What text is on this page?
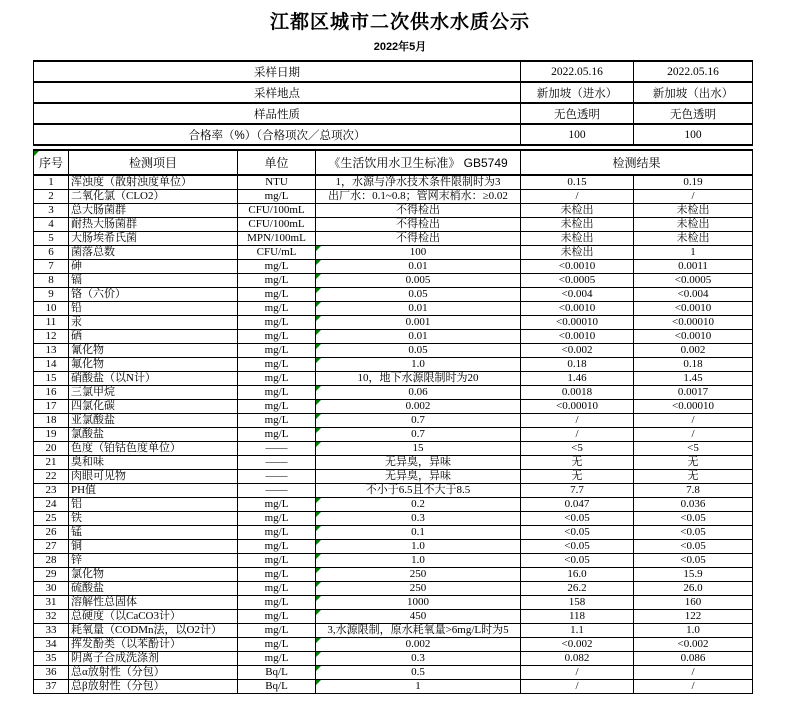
江都区城市二次供水水质公示
2022年5月
采样日期	2022.05.16	2022.05.16
采样地点	新加坡（进水）	新加坡（出水）
样品性质	无色透明	无色透明
合格率（%）（合格项次／总项次）	100	100
序号	检测项目	单位	《生活饮用水卫生标准》 GB5749	检测结果	
1	浑浊度（散射浊度单位）	NTU	1，水源与净水技术条件限制时为3	0.15	0.19
2	二氧化氯（CLO2）	mg/L	出厂水：0.1~0.8；管网末梢水：≥0.02	/	/
3	总大肠菌群	CFU/100mL	不得检出	未检出	未检出
4	耐热大肠菌群	CFU/100mL	不得检出	未检出	未检出
5	大肠埃希氏菌	MPN/100mL	不得检出	未检出	未检出
6	菌落总数	CFU/mL	100	未检出	1
7	砷	mg/L	0.01	<0.0010	0.0011
8	镉	mg/L	0.005	<0.0005	<0.0005
9	铬（六价）	mg/L	0.05	<0.004	<0.004
10	铅	mg/L	0.01	<0.0010	<0.0010
11	汞	mg/L	0.001	<0.00010	<0.00010
12	硒	mg/L	0.01	<0.0010	<0.0010
13	氰化物	mg/L	0.05	<0.002	0.002
14	氟化物	mg/L	1.0	0.18	0.18
15	硝酸盐（以N计）	mg/L	10，地下水源限制时为20	1.46	1.45
16	三氯甲烷	mg/L	0.06	0.0018	0.0017
17	四氯化碳	mg/L	0.002	<0.00010	<0.00010
18	亚氯酸盐	mg/L	0.7	/	/
19	氯酸盐	mg/L	0.7	/	/
20	色度（铂钴色度单位）	——	15	<5	<5
21	臭和味	——	无异臭，异味	无	无
22	肉眼可见物	——	无异臭，异味	无	无
23	PH值	——	不小于6.5且不大于8.5	7.7	7.8
24	铝	mg/L	0.2	0.047	0.036
25	铁	mg/L	0.3	<0.05	<0.05
26	锰	mg/L	0.1	<0.05	<0.05
27	铜	mg/L	1.0	<0.05	<0.05
28	锌	mg/L	1.0	<0.05	<0.05
29	氯化物	mg/L	250	16.0	15.9
30	硫酸盐	mg/L	250	26.2	26.0
31	溶解性总固体	mg/L	1000	158	160
32	总硬度（以CaCO3计）	mg/L	450	118	122
33	耗氧量（CODMn法，以O2计）	mg/L	3,水源限制，原水耗氧量>6mg/L时为5	1.1	1.0
34	挥发酚类（以苯酚计）	mg/L	0.002	<0.002	<0.002
35	阴离子合成洗涤剂	mg/L	0.3	0.082	0.086
36	总α放射性（分包）	Bq/L	0.5	/	/
37	总β放射性（分包）	Bq/L	1	/	/
